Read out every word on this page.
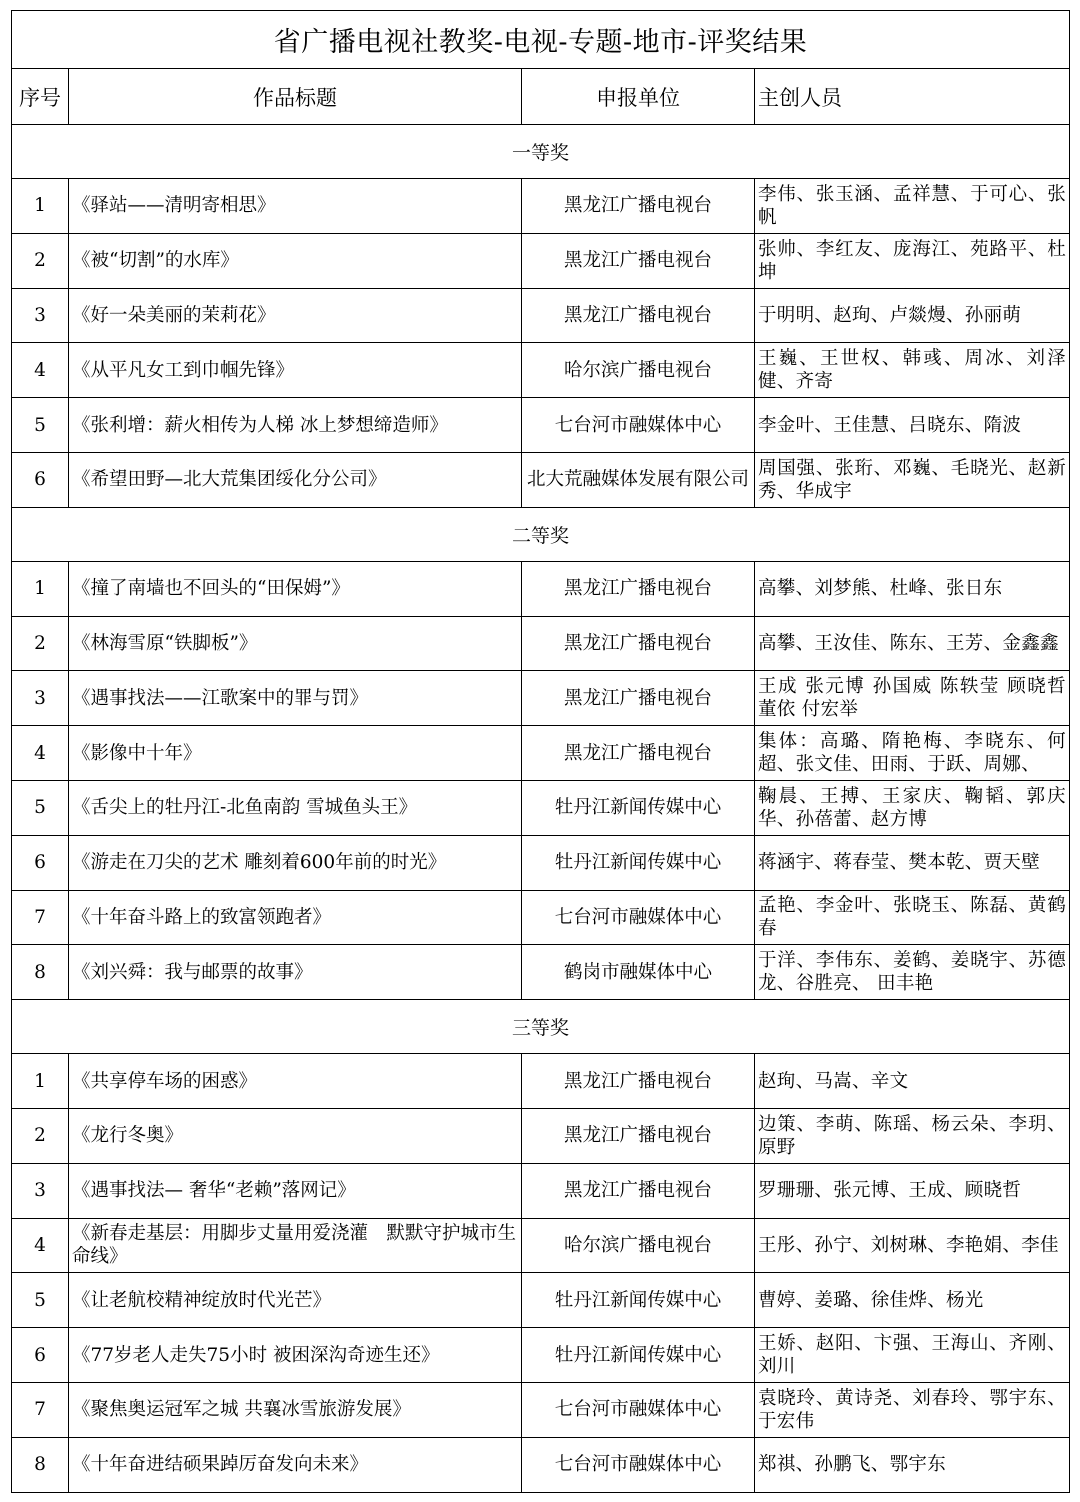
省广播电视社教奖-电视-专题-地市-评奖结果			
序号	作品标题	申报单位	主创人员
一等奖			
1	《驿站——清明寄相思》	黑龙江广播电视台	李伟、张玉涵、孟祥慧、于可心、张帆
2	《被“切割”的水库》	黑龙江广播电视台	张帅、李红友、庞海江、苑路平、杜坤
3	《好一朵美丽的茉莉花》	黑龙江广播电视台	于明明、赵珣、卢燚熳、孙丽萌
4	《从平凡女工到巾帼先锋》	哈尔滨广播电视台	王巍、王世权、韩彧、周冰、刘泽健、齐寄
5	《张利增：薪火相传为人梯 冰上梦想缔造师》	七台河市融媒体中心	李金叶、王佳慧、吕晓东、隋波
6	《希望田野—北大荒集团绥化分公司》	北大荒融媒体发展有限公司	周国强、张珩、邓巍、毛晓光、赵新秀、华成宇
二等奖			
1	《撞了南墙也不回头的“田保姆”》	黑龙江广播电视台	高攀、刘梦熊、杜峰、张日东
2	《林海雪原“铁脚板”》	黑龙江广播电视台	高攀、王汝佳、陈东、王芳、金鑫鑫
3	《遇事找法——江歌案中的罪与罚》	黑龙江广播电视台	王成 张元博 孙国威 陈轶莹 顾晓哲 董依 付宏举
4	《影像中十年》	黑龙江广播电视台	集体：高璐、隋艳梅、李晓东、何超、张文佳、田雨、于跃、周娜、
5	《舌尖上的牡丹江-北鱼南韵 雪城鱼头王》	牡丹江新闻传媒中心	鞠晨、王搏、王家庆、鞠韬、郭庆华、孙蓓蕾、赵方博
6	《游走在刀尖的艺术 雕刻着600年前的时光》	牡丹江新闻传媒中心	蒋涵宇、蒋春莹、樊本乾、贾天壁
7	《十年奋斗路上的致富领跑者》	七台河市融媒体中心	孟艳、李金叶、张晓玉、陈磊、黄鹤春
8	《刘兴舜：我与邮票的故事》	鹤岗市融媒体中心	于洋、李伟东、姜鹤、姜晓宇、苏德龙、谷胜亮、 田丰艳
三等奖			
1	《共享停车场的困惑》	黑龙江广播电视台	赵珣、马嵩、辛文
2	《龙行冬奥》	黑龙江广播电视台	边策、李萌、陈瑶、杨云朵、李玥、 原野
3	《遇事找法— 奢华“老赖”落网记》	黑龙江广播电视台	罗珊珊、张元博、王成、顾晓哲
4	《新春走基层：用脚步丈量用爱浇灌　默默守护城市生命线》	哈尔滨广播电视台	王彤、孙宁、刘树琳、李艳娟、李佳
5	《让老航校精神绽放时代光芒》	牡丹江新闻传媒中心	曹婷、姜璐、徐佳烨、杨光
6	《77岁老人走失75小时 被困深沟奇迹生还》	牡丹江新闻传媒中心	王娇、赵阳、卞强、王海山、齐刚、刘川
7	《聚焦奥运冠军之城 共襄冰雪旅游发展》	七台河市融媒体中心	袁晓玲、黄诗尧、刘春玲、鄂宇东、于宏伟
8	《十年奋进结硕果踔厉奋发向未来》	七台河市融媒体中心	郑祺、孙鹏飞、鄂宇东
